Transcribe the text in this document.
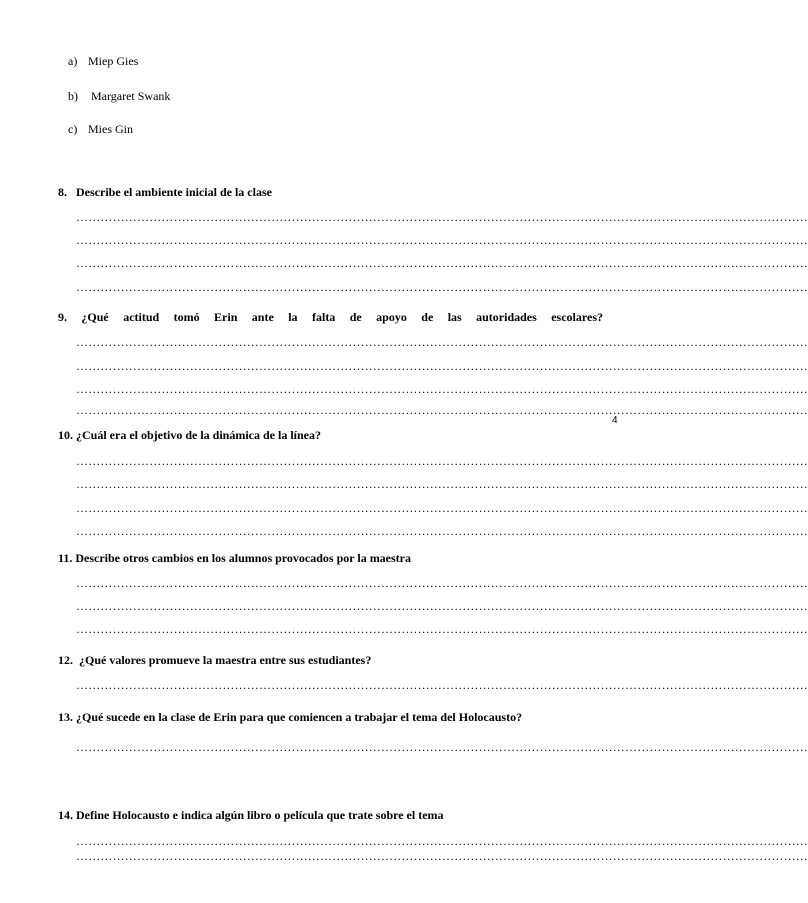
a) Miep Gies
b) Margaret Swank
c) Mies Gin
8. Describe el ambiente inicial de la clase
………………………………………………………………………………………………………………………………………………………………
………………………………………………………………………………………………………………………………………………………………
………………………………………………………………………………………………………………………………………………………………
………………………………………………………………………………………………………………………………………………………………
9. ¿Qué actitud tomó Erin ante la falta de apoyo de las autoridades escolares?
………………………………………………………………………………………………………………………………………………………………
………………………………………………………………………………………………………………………………………………………………
………………………………………………………………………………………………………………………………………………………………
………………………………………………………………………………………………………………………………………………………………
4
10. ¿Cuál era el objetivo de la dinámica de la línea?
………………………………………………………………………………………………………………………………………………………………
………………………………………………………………………………………………………………………………………………………………
………………………………………………………………………………………………………………………………………………………………
………………………………………………………………………………………………………………………………………………………………
11. Describe otros cambios en los alumnos provocados por la maestra
………………………………………………………………………………………………………………………………………………………………
………………………………………………………………………………………………………………………………………………………………
………………………………………………………………………………………………………………………………………………………………
12.  ¿Qué valores promueve la maestra entre sus estudiantes?
………………………………………………………………………………………………………………………………………………………………
13. ¿Qué sucede en la clase de Erin para que comiencen a trabajar el tema del Holocausto?
………………………………………………………………………………………………………………………………………………………………
14. Define Holocausto e indica algún libro o película que trate sobre el tema
………………………………………………………………………………………………………………………………………………………………
………………………………………………………………………………………………………………………………………………………………
